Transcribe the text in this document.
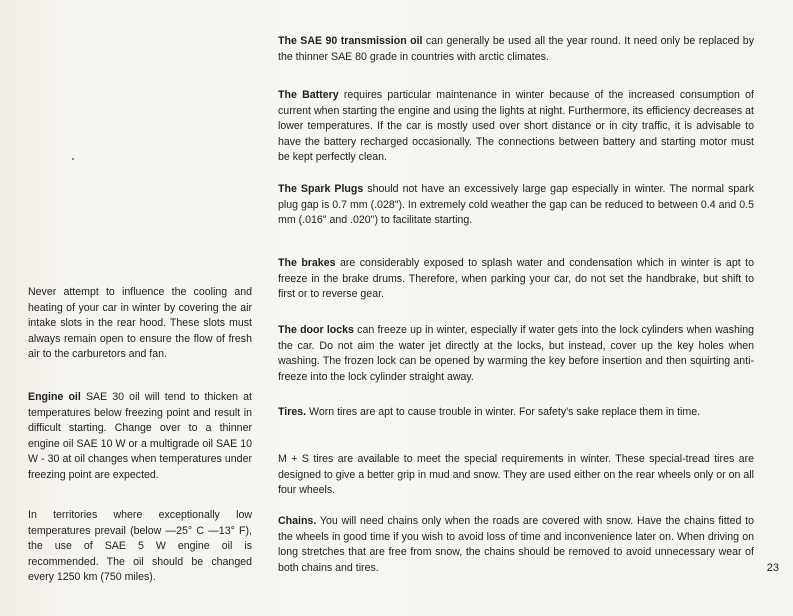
Never attempt to influence the cooling and heating of your car in winter by covering the air intake slots in the rear hood. These slots must always remain open to ensure the flow of fresh air to the carburetors and fan.

Engine oil SAE 30 oil will tend to thicken at temperatures below freezing point and result in difficult starting. Change over to a thinner engine oil SAE 10 W or a multigrade oil SAE 10 W - 30 at oil changes when temperatures under freezing point are expected.

In territories where exceptionally low temperatures prevail (below —25° C —13° F), the use of SAE 5 W engine oil is recommended. The oil should be changed every 1250 km (750 miles).

The SAE 90 transmission oil can generally be used all the year round. It need only be replaced by the thinner SAE 80 grade in countries with arctic climates.

The Battery requires particular maintenance in winter because of the increased consumption of current when starting the engine and using the lights at night. Furthermore, its efficiency decreases at lower temperatures. If the car is mostly used over short distance or in city traffic, it is advisable to have the battery recharged occasionally. The connections between battery and starting motor must be kept perfectly clean.

The Spark Plugs should not have an excessively large gap especially in winter. The normal spark plug gap is 0.7 mm (.028"). In extremely cold weather the gap can be reduced to between 0.4 and 0.5 mm (.016" and .020") to facilitate starting.

The brakes are considerably exposed to splash water and condensation which in winter is apt to freeze in the brake drums. Therefore, when parking your car, do not set the handbrake, but shift to first or to reverse gear.

The door locks can freeze up in winter, especially if water gets into the lock cylinders when washing the car. Do not aim the water jet directly at the locks, but instead, cover up the key holes when washing. The frozen lock can be opened by warming the key before insertion and then squirting anti-freeze into the lock cylinder straight away.

Tires. Worn tires are apt to cause trouble in winter. For safety's sake replace them in time.

M + S tires are available to meet the special requirements in winter. These special-tread tires are designed to give a better grip in mud and snow. They are used either on the rear wheels only or on all four wheels.

Chains. You will need chains only when the roads are covered with snow. Have the chains fitted to the wheels in good time if you wish to avoid loss of time and inconvenience later on. When driving on long stretches that are free from snow, the chains should be removed to avoid unnecessary wear of both chains and tires.	23
